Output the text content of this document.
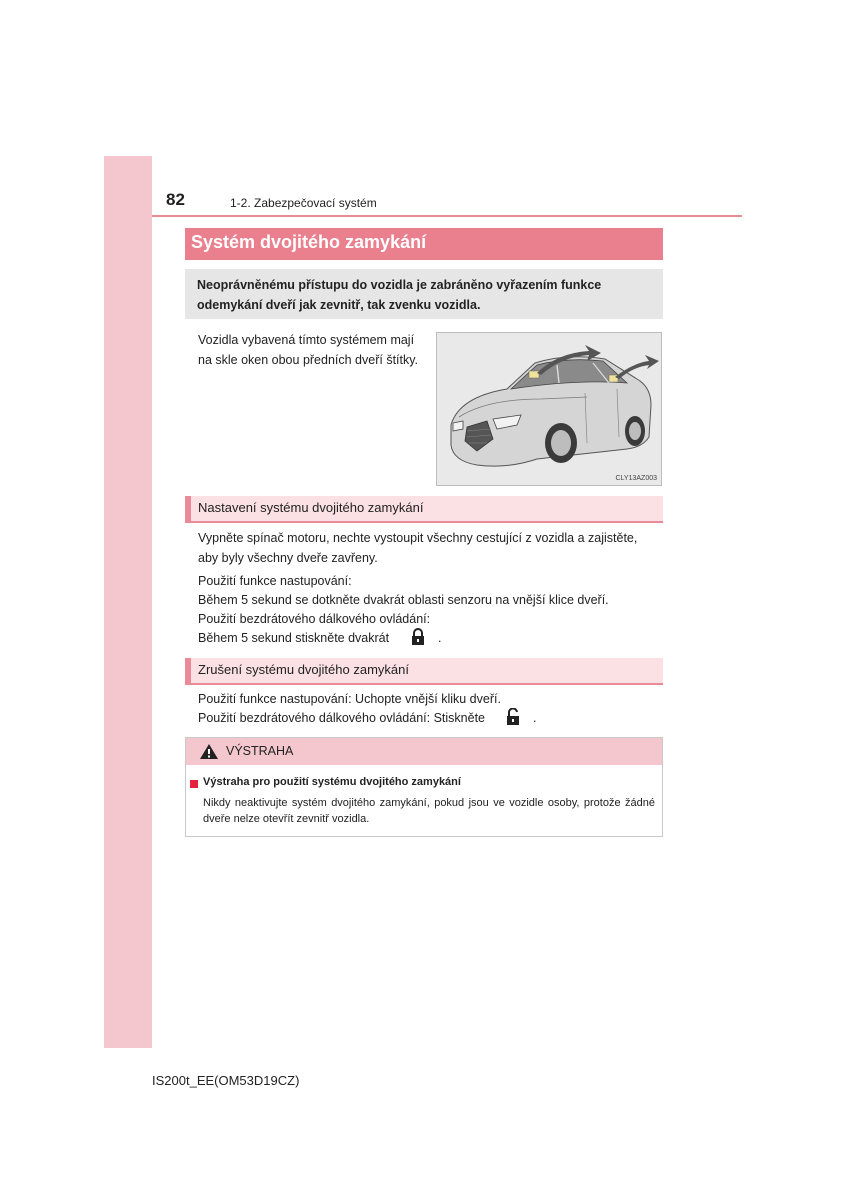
82	1-2. Zabezpečovací systém
Systém dvojitého zamykání
Neoprávněnému přístupu do vozidla je zabráněno vyřazením funkce odemykání dveří jak zevnitř, tak zvenku vozidla.
Vozidla vybavená tímto systémem mají
na skle oken obou předních dveří štítky.
CLY13AZ003
Nastavení systému dvojitého zamykání
Vypněte spínač motoru, nechte vystoupit všechny cestující z vozidla a zajistěte,
aby byly všechny dveře zavřeny.
Použití funkce nastupování:
Během 5 sekund se dotkněte dvakrát oblasti senzoru na vnější klice dveří.
Použití bezdrátového dálkového ovládání:
Během 5 sekund stiskněte dvakrát	.
Zrušení systému dvojitého zamykání
Použití funkce nastupování: Uchopte vnější kliku dveří.
Použití bezdrátového dálkového ovládání: Stiskněte	.
VÝSTRAHA
Výstraha pro použití systému dvojitého zamykání
Nikdy neaktivujte systém dvojitého zamykání, pokud jsou ve vozidle osoby, protože žádné dveře nelze otevřít zevnitř vozidla.
IS200t_EE(OM53D19CZ)
